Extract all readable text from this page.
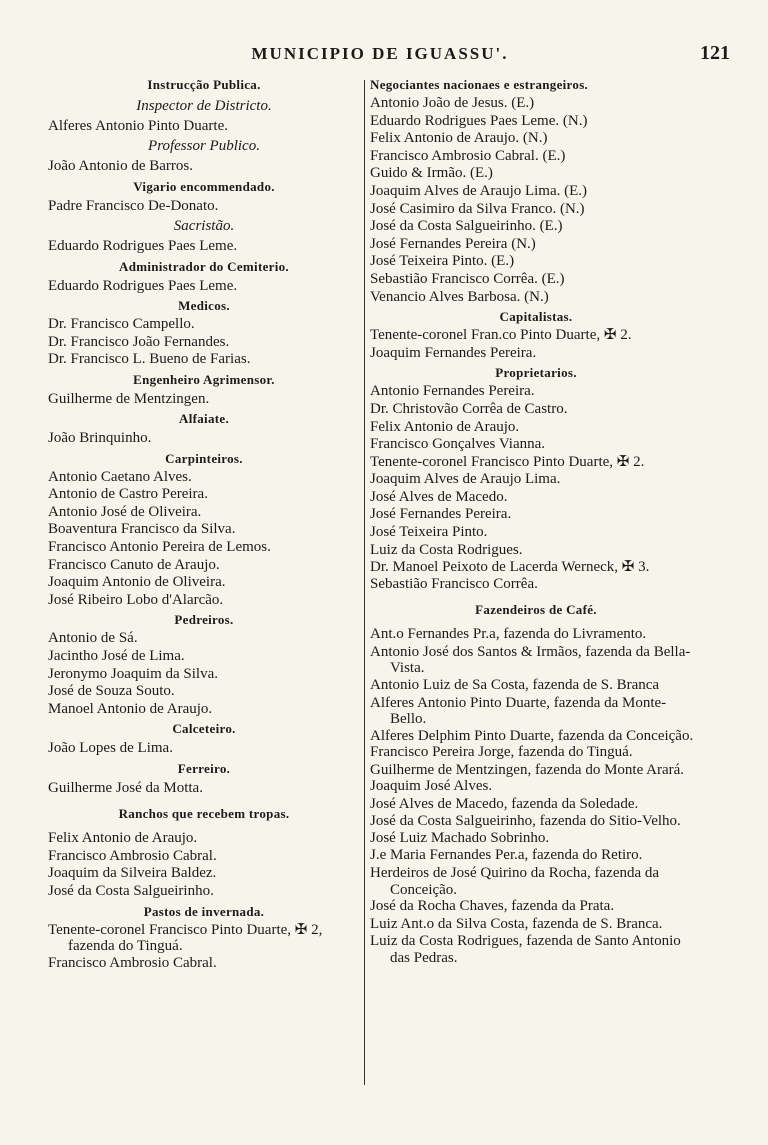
MUNICIPIO DE IGUASSU'.	121
Instrucção Publica.
Inspector de Districto.
Alferes Antonio Pinto Duarte.
Professor Publico.
João Antonio de Barros.
Vigario encommendado.
Padre Francisco De-Donato.
Sacristão.
Eduardo Rodrigues Paes Leme.
Administrador do Cemiterio.
Eduardo Rodrigues Paes Leme.
Medicos.
Dr. Francisco Campello.
Dr. Francisco João Fernandes.
Dr. Francisco L. Bueno de Farias.
Engenheiro Agrimensor.
Guilherme de Mentzingen.
Alfaiate.
João Brinquinho.
Carpinteiros.
Antonio Caetano Alves.
Antonio de Castro Pereira.
Antonio José de Oliveira.
Boaventura Francisco da Silva.
Francisco Antonio Pereira de Lemos.
Francisco Canuto de Araujo.
Joaquim Antonio de Oliveira.
José Ribeiro Lobo d'Alarcão.
Pedreiros.
Antonio de Sá.
Jacintho José de Lima.
Jeronymo Joaquim da Silva.
José de Souza Souto.
Manoel Antonio de Araujo.
Calceteiro.
João Lopes de Lima.
Ferreiro.
Guilherme José da Motta.
Ranchos que recebem tropas.
Felix Antonio de Araujo.
Francisco Ambrosio Cabral.
Joaquim da Silveira Baldez.
José da Costa Salgueirinho.
Pastos de invernada.
Tenente-coronel Francisco Pinto Duarte, ✠ 2, fazenda do Tinguá.
Francisco Ambrosio Cabral.
Negociantes nacionaes e estrangeiros.
Antonio João de Jesus. (E.)
Eduardo Rodrigues Paes Leme. (N.)
Felix Antonio de Araujo. (N.)
Francisco Ambrosio Cabral. (E.)
Guido & Irmão. (E.)
Joaquim Alves de Araujo Lima. (E.)
José Casimiro da Silva Franco. (N.)
José da Costa Salgueirinho. (E.)
José Fernandes Pereira (N.)
José Teixeira Pinto. (E.)
Sebastião Francisco Corrêa. (E.)
Venancio Alves Barbosa. (N.)
Capitalistas.
Tenente-coronel Fran.co Pinto Duarte, ✠ 2.
Joaquim Fernandes Pereira.
Proprietarios.
Antonio Fernandes Pereira.
Dr. Christovão Corrêa de Castro.
Felix Antonio de Araujo.
Francisco Gonçalves Vianna.
Tenente-coronel Francisco Pinto Duarte, ✠ 2.
Joaquim Alves de Araujo Lima.
José Alves de Macedo.
José Fernandes Pereira.
José Teixeira Pinto.
Luiz da Costa Rodrigues.
Dr. Manoel Peixoto de Lacerda Werneck, ✠ 3.
Sebastião Francisco Corrêa.
Fazendeiros de Café.
Ant.o Fernandes Pr.a, fazenda do Livramento.
Antonio José dos Santos & Irmãos, fazenda da Bella-Vista.
Antonio Luiz de Sa Costa, fazenda de S. Branca
Alferes Antonio Pinto Duarte, fazenda da Monte-Bello.
Alferes Delphim Pinto Duarte, fazenda da Conceição.
Francisco Pereira Jorge, fazenda do Tinguá.
Guilherme de Mentzingen, fazenda do Monte Arará.
Joaquim José Alves.
José Alves de Macedo, fazenda da Soledade.
José da Costa Salgueirinho, fazenda do Sitio-Velho.
José Luiz Machado Sobrinho.
J.e Maria Fernandes Per.a, fazenda do Retiro.
Herdeiros de José Quirino da Rocha, fazenda da Conceição.
José da Rocha Chaves, fazenda da Prata.
Luiz Ant.o da Silva Costa, fazenda de S. Branca.
Luiz da Costa Rodrigues, fazenda de Santo Antonio das Pedras.
